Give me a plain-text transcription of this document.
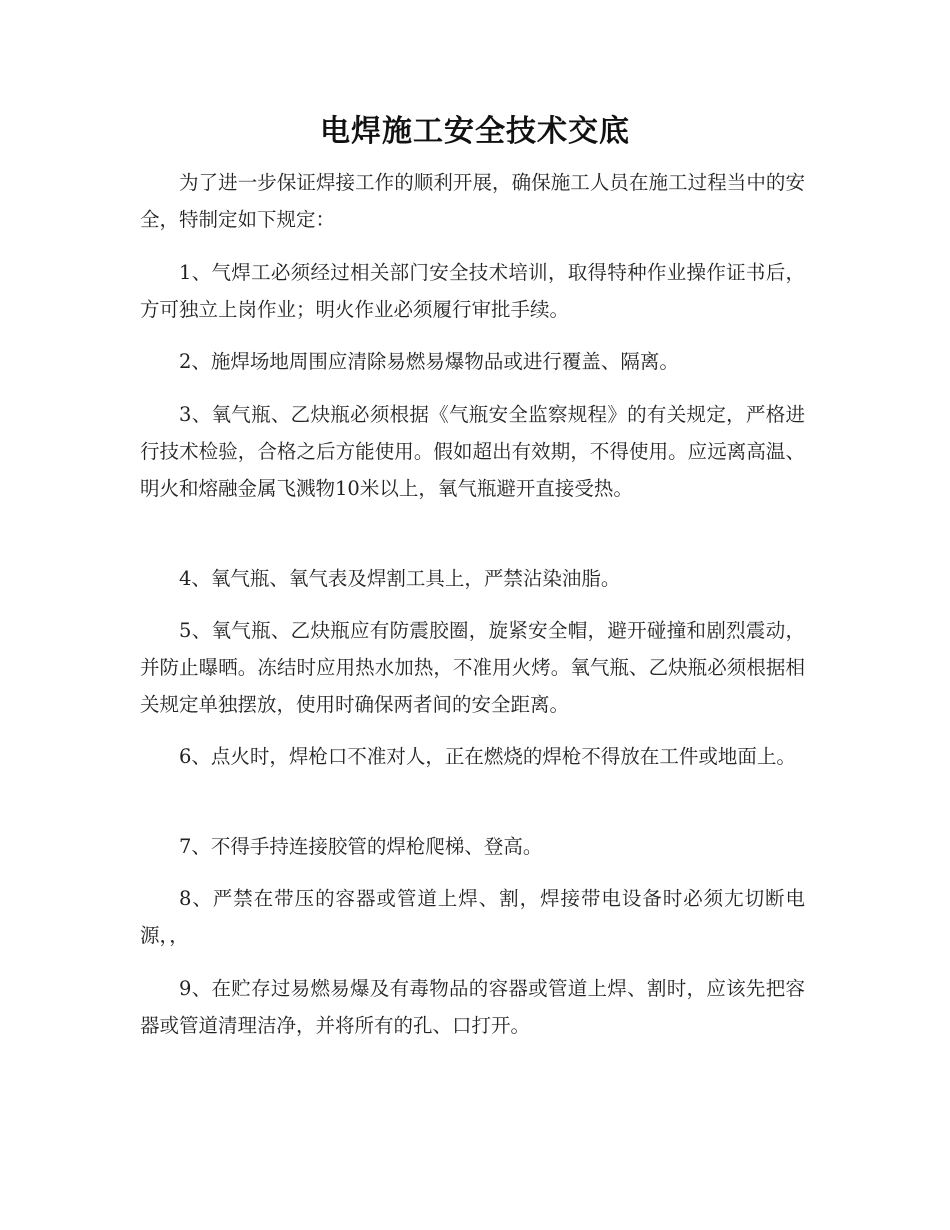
电焊施工安全技术交底

为了进一步保证焊接工作的顺利开展，确保施工人员在施工过程当中的安全，特制定如下规定：

1、气焊工必须经过相关部门安全技术培训，取得特种作业操作证书后，方可独立上岗作业；明火作业必须履行审批手续。

2、施焊场地周围应清除易燃易爆物品或进行覆盖、隔离。

3、氧气瓶、乙炔瓶必须根据《气瓶安全监察规程》的有关规定，严格进行技术检验，合格之后方能使用。假如超出有效期，不得使用。应远离高温、明火和熔融金属飞溅物10米以上，氧气瓶避开直接受热。

4、氧气瓶、氧气表及焊割工具上，严禁沾染油脂。

5、氧气瓶、乙炔瓶应有防震胶圈，旋紧安全帽，避开碰撞和剧烈震动，并防止曝晒。冻结时应用热水加热，不准用火烤。氧气瓶、乙炔瓶必须根据相关规定单独摆放，使用时确保两者间的安全距离。

6、点火时，焊枪口不准对人，正在燃烧的焊枪不得放在工件或地面上。

7、不得手持连接胶管的焊枪爬梯、登高。

8、严禁在带压的容器或管道上焊、割，焊接带电设备时必须尢切断电源，，

9、在贮存过易燃易爆及有毒物品的容器或管道上焊、割时，应该先把容器或管道清理洁净，并将所有的孔、口打开。
